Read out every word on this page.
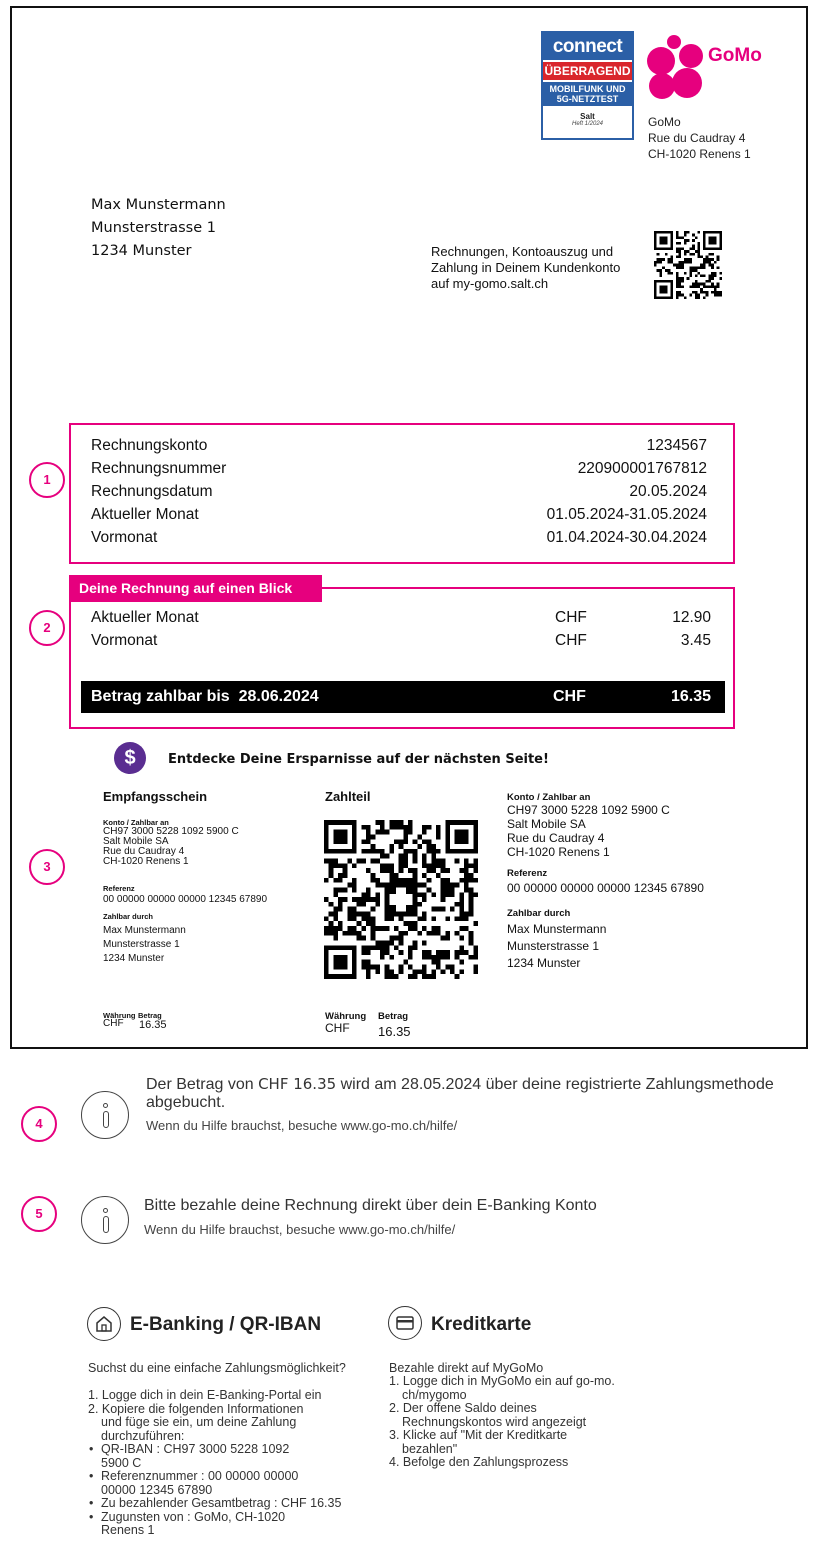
connect
ÜBERRAGEND
MOBILFUNK UND 5G-NETZTEST
Salt
Heft 1/2024
GoMo
GoMo
Rue du Caudray 4
CH-1020 Renens 1
Max Munstermann
Munsterstrasse 1
1234 Munster	Rechnungen, Kontoauszug und
Zahlung in Deinem Kundenkonto
auf my-gomo.salt.ch
1
Rechnungskonto	1234567
Rechnungsnummer	220900001767812
Rechnungsdatum	20.05.2024
Aktueller Monat	01.05.2024-31.05.2024
Vormonat	01.04.2024-30.04.2024
2
Aktueller Monat	CHF	12.90
Vormonat	CHF	3.45
Betrag zahlbar bis  28.06.2024	CHF	16.35
Deine Rechnung auf einen Blick
$	Entdecke Deine Ersparnisse auf der nächsten Seite!
3
Empfangsschein
Konto / Zahlbar an
CH97 3000 5228 1092 5900 C
Salt Mobile SA
Rue du Caudray 4
CH-1020 Renens 1
Referenz
00 00000 00000 00000 12345 67890
Zahlbar durch
Max Munstermann
Munsterstrasse 1
1234 Munster
Währung Betrag
CHF 16.35
Zahlteil
Währung Betrag
CHF 16.35
Konto / Zahlbar an
CH97 3000 5228 1092 5900 C
Salt Mobile SA
Rue du Caudray 4
CH-1020 Renens 1
Referenz
00 00000 00000 00000 12345 67890
Zahlbar durch
Max Munstermann
Munsterstrasse 1
1234 Munster
4
Der Betrag von CHF 16.35 wird am 28.05.2024 über deine registrierte Zahlungsmethode abgebucht.
Wenn du Hilfe brauchst, besuche www.go-mo.ch/hilfe/
5	Bitte bezahle deine Rechnung direkt über dein E-Banking Konto
Wenn du Hilfe brauchst, besuche www.go-mo.ch/hilfe/
E-Banking / QR-IBAN
Suchst du eine einfache Zahlungsmöglichkeit?
1. Logge dich in dein E-Banking-Portal ein
2. Kopiere die folgenden Informationen
und füge sie ein, um deine Zahlung
durchzuführen:
• QR-IBAN : CH97 3000 5228 1092
5900 C
• Referenznummer : 00 00000 00000
00000 12345 67890
• Zu bezahlender Gesamtbetrag : CHF 16.35
• Zugunsten von : GoMo, CH-1020
Renens 1
Kreditkarte
Bezahle direkt auf MyGoMo
1. Logge dich in MyGoMo ein auf go-mo.
ch/mygomo
2. Der offene Saldo deines
Rechnungskontos wird angezeigt
3. Klicke auf "Mit der Kreditkarte
bezahlen"
4. Befolge den Zahlungsprozess
